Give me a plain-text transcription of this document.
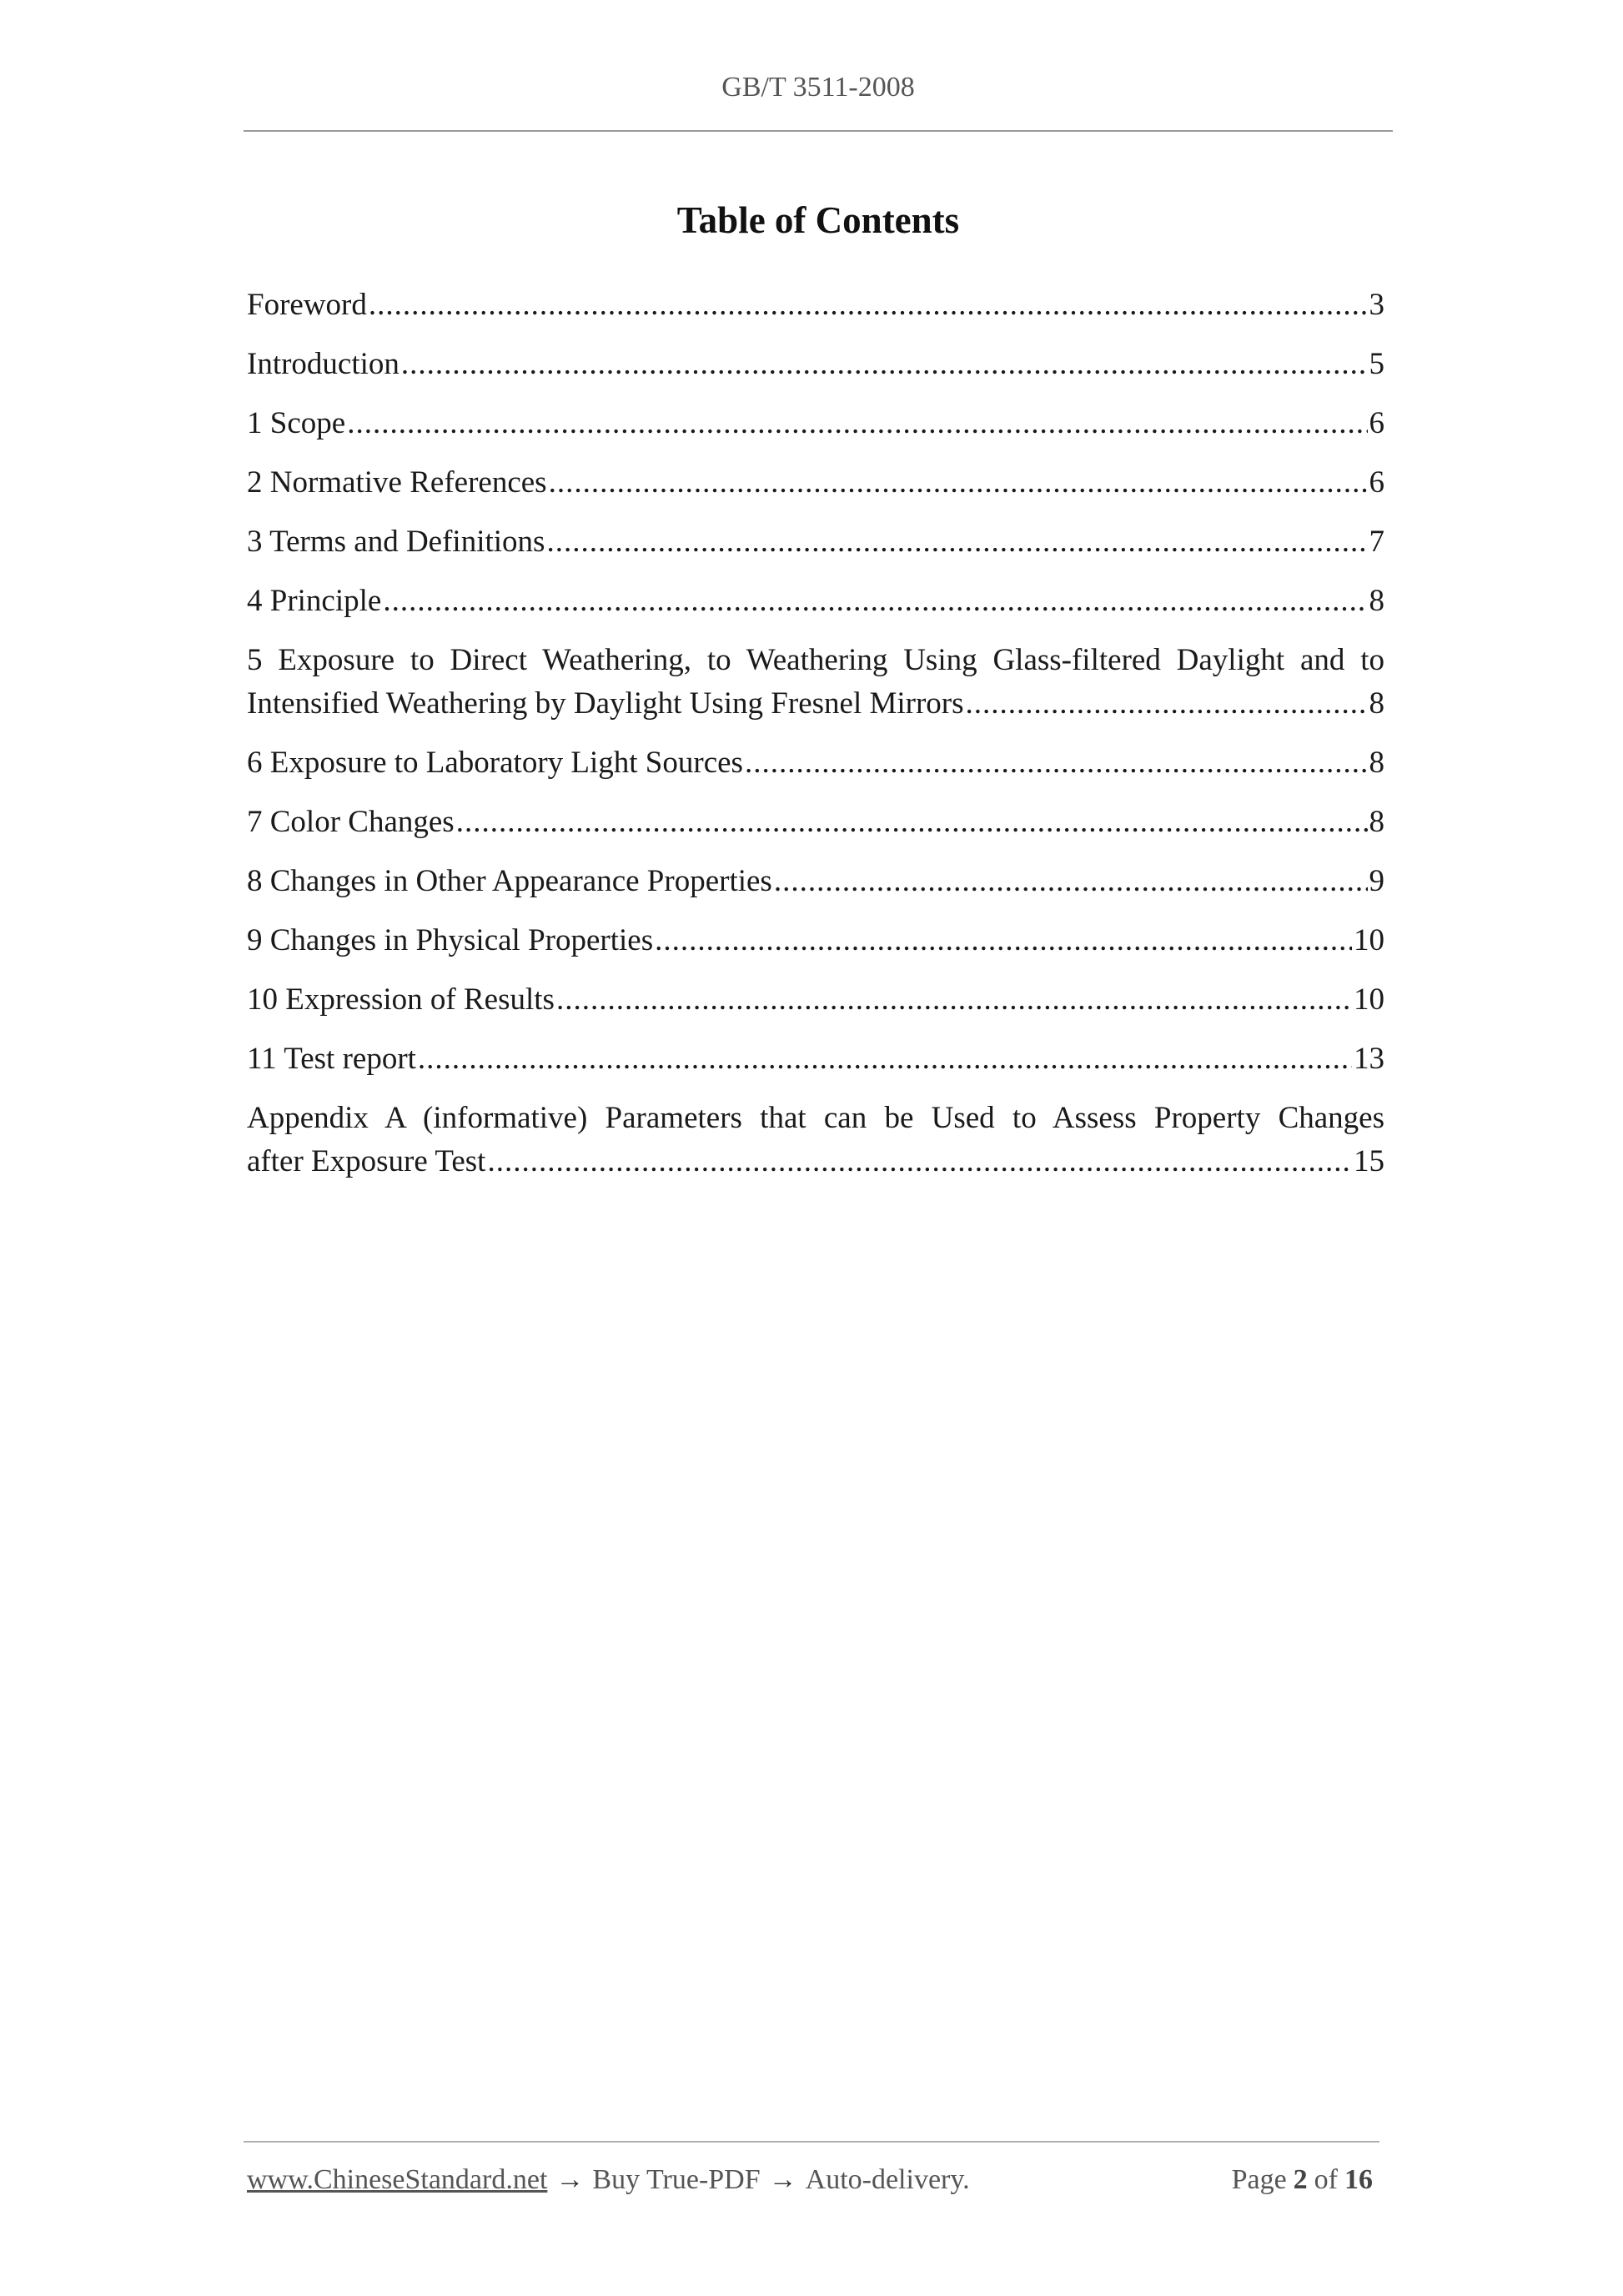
GB/T 3511-2008
Table of Contents
Foreword .....	3
Introduction .....	5
1 Scope .....	6
2 Normative References .....	6
3 Terms and Definitions .....	7
4 Principle .....	8
5 Exposure to Direct Weathering, to Weathering Using Glass-filtered Daylight and to
Intensified Weathering by Daylight Using Fresnel Mirrors .....	8
6 Exposure to Laboratory Light Sources .....	8
7 Color Changes .....	8
8 Changes in Other Appearance Properties .....	9
9 Changes in Physical Properties .....	10
10 Expression of Results .....	10
11 Test report .....	13
Appendix A (informative) Parameters that can be Used to Assess Property Changes
after Exposure Test .....	15
www.ChineseStandard.net → Buy True-PDF → Auto-delivery.	Page 2 of 16
